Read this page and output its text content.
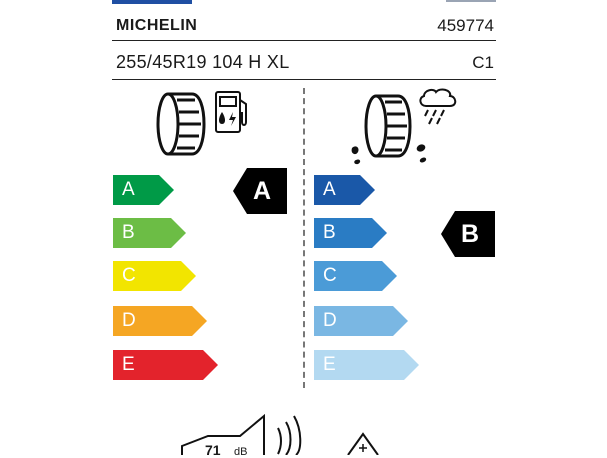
MICHELIN	459774
255/45R19 104 H XL	C1
A
B
C
D
E
A	A
B
C
D
E
B
71 dB
